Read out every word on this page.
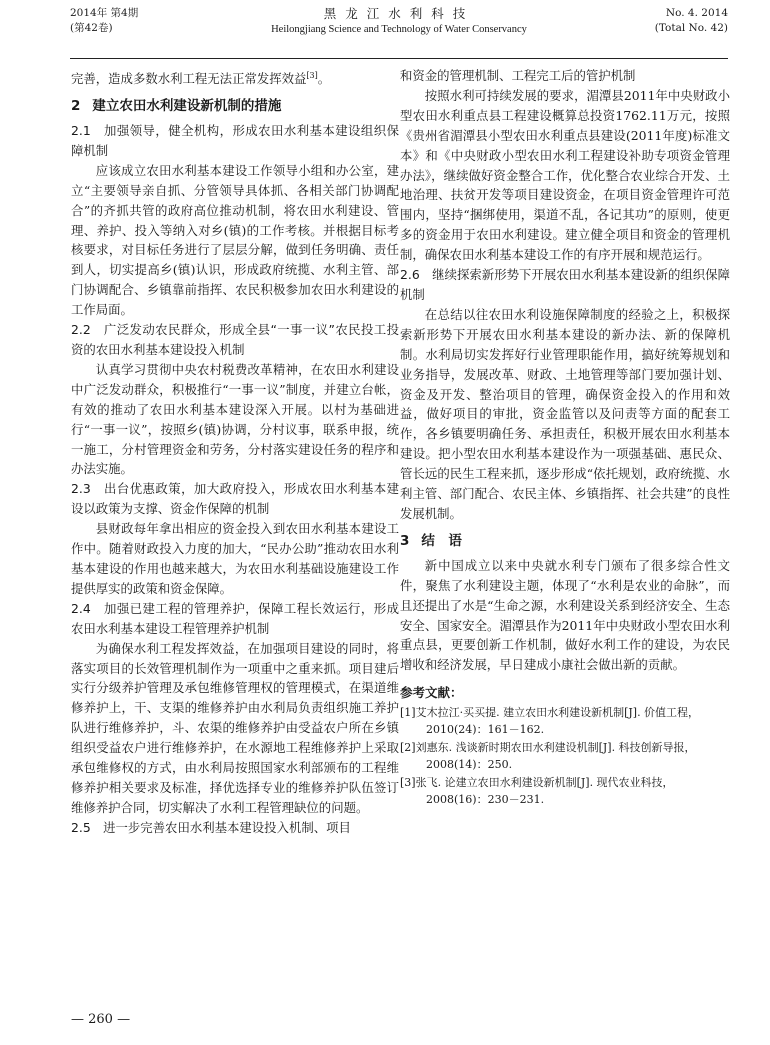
2014年 第4期
(第42卷)
黑龙江水利科技
Heilongjiang Science and Technology of Water Conservancy
No. 4. 2014
(Total No. 42)

完善，造成多数水利工程无法正常发挥效益[3]。

2 建立农田水利建设新机制的措施
2.1　加强领导，健全机构，形成农田水利基本建设组织保障机制

应该成立农田水利基本建设工作领导小组和办公室，建立“主要领导亲自抓、分管领导具体抓、各相关部门协调配合”的齐抓共管的政府高位推动机制，将农田水利建设、管理、养护、投入等纳入对乡(镇)的工作考核。并根据目标考核要求，对目标任务进行了层层分解，做到任务明确、责任到人，切实提高乡(镇)认识，形成政府统揽、水利主管、部门协调配合、乡镇靠前指挥、农民积极参加农田水利建设的工作局面。

2.2　广泛发动农民群众，形成全县“一事一议”农民投工投资的农田水利基本建设投入机制

认真学习贯彻中央农村税费改革精神，在农田水利建设中广泛发动群众，积极推行“一事一议”制度，并建立台帐，有效的推动了农田水利基本建设深入开展。以村为基础进行“一事一议”，按照乡(镇)协调，分村议事，联系申报，统一施工，分村管理资金和劳务，分村落实建设任务的程序和办法实施。

2.3　出台优惠政策，加大政府投入，形成农田水利基本建设以政策为支撑、资金作保障的机制

县财政每年拿出相应的资金投入到农田水利基本建设工作中。随着财政投入力度的加大，“民办公助”推动农田水利基本建设的作用也越来越大，为农田水利基础设施建设工作提供厚实的政策和资金保障。

2.4　加强已建工程的管理养护，保障工程长效运行，形成农田水利基本建设工程管理养护机制

为确保水利工程发挥效益，在加强项目建设的同时，将落实项目的长效管理机制作为一项重中之重来抓。项目建后实行分级养护管理及承包维修管理权的管理模式，在渠道维修养护上，干、支渠的维修养护由水利局负责组织施工养护队进行维修养护，斗、农渠的维修养护由受益农户所在乡镇组织受益农户进行维修养护，在水源地工程维修养护上采取承包维修权的方式，由水利局按照国家水利部颁布的工程维修养护相关要求及标准，择优选择专业的维修养护队伍签订维修养护合同，切实解决了水利工程管理缺位的问题。

2.5　进一步完善农田水利基本建设投入机制、项目
和资金的管理机制、工程完工后的管护机制

按照水利可持续发展的要求，湄潭县2011年中央财政小型农田水利重点县工程建设概算总投资1762.11万元，按照《贵州省湄潭县小型农田水利重点县建设(2011年度)标准文本》和《中央财政小型农田水利工程建设补助专项资金管理办法》，继续做好资金整合工作，优化整合农业综合开发、土地治理、扶贫开发等项目建设资金，在项目资金管理许可范围内，坚持“捆绑使用，渠道不乱，各记其功”的原则，使更多的资金用于农田水利建设。建立健全项目和资金的管理机制，确保农田水利基本建设工作的有序开展和规范运行。

2.6　继续探索新形势下开展农田水利基本建设新的组织保障机制

在总结以往农田水利设施保障制度的经验之上，积极探索新形势下开展农田水利基本建设的新办法、新的保障机制。水利局切实发挥好行业管理职能作用，搞好统筹规划和业务指导，发展改革、财政、土地管理等部门要加强计划、资金及开发、整治项目的管理，确保资金投入的作用和效益，做好项目的审批，资金监管以及问责等方面的配套工作，各乡镇要明确任务、承担责任，积极开展农田水利基本建设。把小型农田水利基本建设作为一项强基础、惠民众、管长远的民生工程来抓，逐步形成“依托规划，政府统揽、水利主管、部门配合、农民主体、乡镇指挥、社会共建”的良性发展机制。

3 结　语

新中国成立以来中央就水利专门颁布了很多综合性文件，聚焦了水利建设主题，体现了“水利是农业的命脉”，而且还提出了水是“生命之源，水利建设关系到经济安全、生态安全、国家安全。湄潭县作为2011年中央财政小型农田水利重点县，更要创新工作机制，做好水利工作的建设，为农民增收和经济发展，早日建成小康社会做出新的贡献。

参考文献：
[1]艾木拉江·买买提. 建立农田水利建设新机制[J]. 价值工程，2010(24)：161－162.
[2]刘惠东. 浅谈新时期农田水利建设机制[J]. 科技创新导报，2008(14)：250.
[3]张飞. 论建立农田水利建设新机制[J]. 现代农业科技，2008(16)：230－231.
— 260 —
